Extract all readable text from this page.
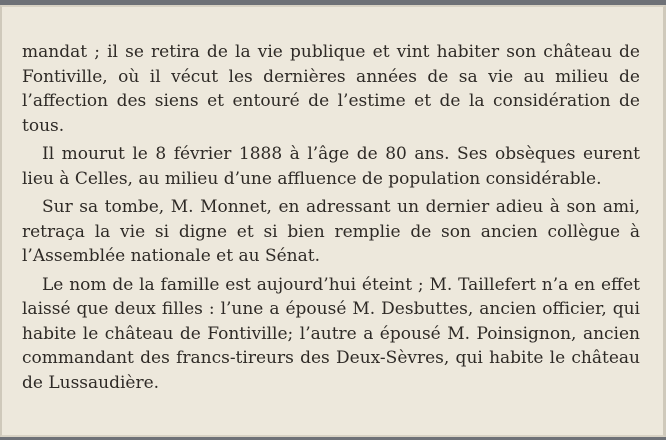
mandat ; il se retira de la vie publique et vint habiter son château de Fontiville, où il vécut les dernières années de sa vie au milieu de l’affection des siens et entouré de l’estime et de la considération de tous.

Il mourut le 8 février 1888 à l’âge de 80 ans. Ses obsèques eurent lieu à Celles, au milieu d’une affluence de population considérable.

Sur sa tombe, M. Monnet, en adressant un dernier adieu à son ami, retraça la vie si digne et si bien remplie de son ancien collègue à l’Assemblée nationale et au Sénat.

Le nom de la famille est aujourd’hui éteint ; M. Taillefert n’a en effet laissé que deux filles : l’une a épousé M. Desbuttes, ancien officier, qui habite le château de Fontiville; l’autre a épousé M. Poinsignon, ancien commandant des francs-tireurs des Deux-Sèvres, qui habite le château de Lussaudière.
